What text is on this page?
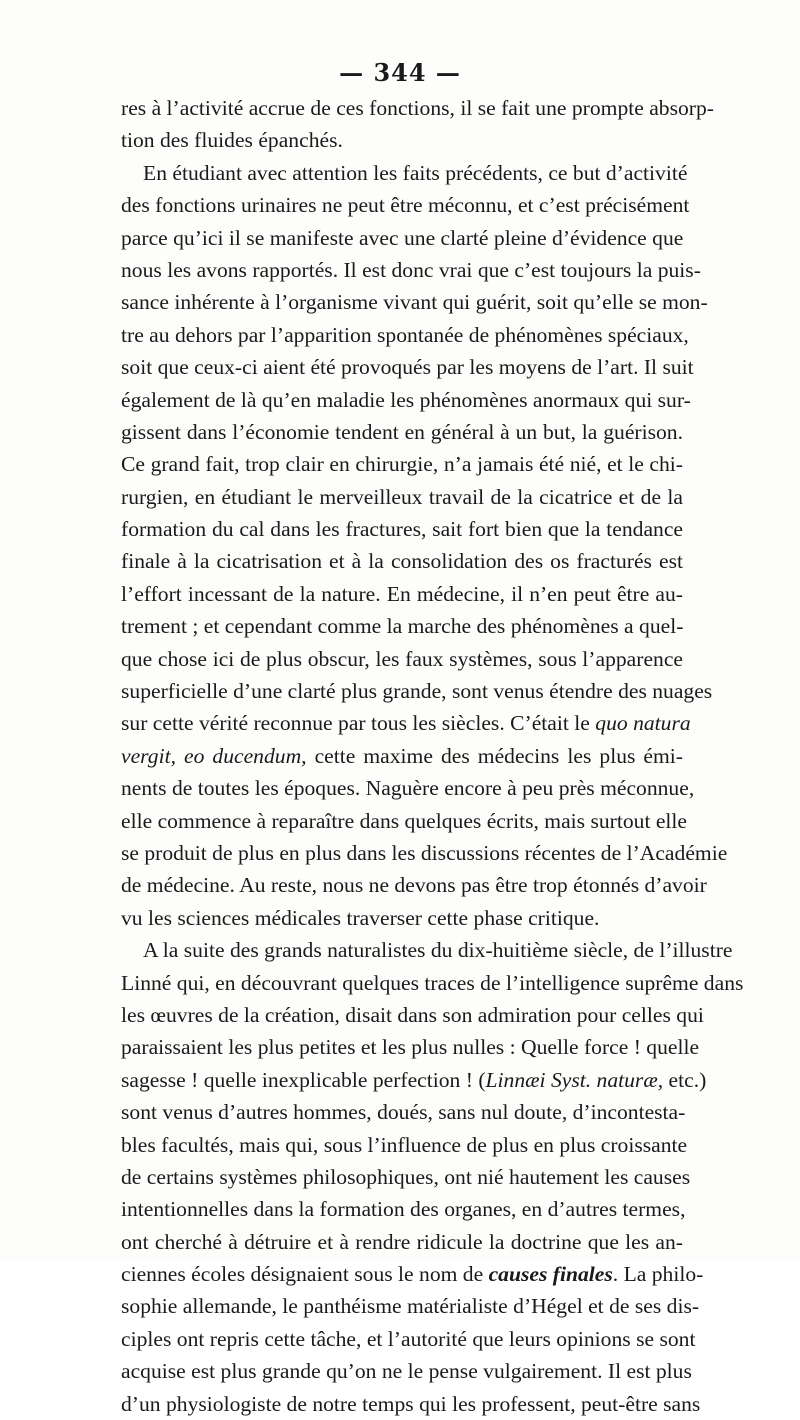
— 344 —
res à l’activité accrue de ces fonctions, il se fait une prompte absorp-
tion des fluides épanchés.
En étudiant avec attention les faits précédents, ce but d’activité
des fonctions urinaires ne peut être méconnu, et c’est précisément
parce qu’ici il se manifeste avec une clarté pleine d’évidence que
nous les avons rapportés. Il est donc vrai que c’est toujours la puis-
sance inhérente à l’organisme vivant qui guérit, soit qu’elle se mon-
tre au dehors par l’apparition spontanée de phénomènes spéciaux,
soit que ceux-ci aient été provoqués par les moyens de l’art. Il suit
également de là qu’en maladie les phénomènes anormaux qui sur-
gissent dans l’économie tendent en général à un but, la guérison.
Ce grand fait, trop clair en chirurgie, n’a jamais été nié, et le chi-
rurgien, en étudiant le merveilleux travail de la cicatrice et de la
formation du cal dans les fractures, sait fort bien que la tendance
finale à la cicatrisation et à la consolidation des os fracturés est
l’effort incessant de la nature. En médecine, il n’en peut être au-
trement ; et cependant comme la marche des phénomènes a quel-
que chose ici de plus obscur, les faux systèmes, sous l’apparence
superficielle d’une clarté plus grande, sont venus étendre des nuages
sur cette vérité reconnue par tous les siècles. C’était le quo natura
vergit, eo ducendum, cette maxime des médecins les plus émi-
nents de toutes les époques. Naguère encore à peu près méconnue,
elle commence à reparaître dans quelques écrits, mais surtout elle
se produit de plus en plus dans les discussions récentes de l’Académie
de médecine. Au reste, nous ne devons pas être trop étonnés d’avoir
vu les sciences médicales traverser cette phase critique.
A la suite des grands naturalistes du dix-huitième siècle, de l’illustre
Linné qui, en découvrant quelques traces de l’intelligence suprême dans
les œuvres de la création, disait dans son admiration pour celles qui
paraissaient les plus petites et les plus nulles : Quelle force ! quelle
sagesse ! quelle inexplicable perfection ! (Linnæi Syst. naturæ, etc.)
sont venus d’autres hommes, doués, sans nul doute, d’incontesta-
bles facultés, mais qui, sous l’influence de plus en plus croissante
de certains systèmes philosophiques, ont nié hautement les causes
intentionnelles dans la formation des organes, en d’autres termes,
ont cherché à détruire et à rendre ridicule la doctrine que les an-
ciennes écoles désignaient sous le nom de causes finales. La philo-
sophie allemande, le panthéisme matérialiste d’Hégel et de ses dis-
ciples ont repris cette tâche, et l’autorité que leurs opinions se sont
acquise est plus grande qu’on ne le pense vulgairement. Il est plus
d’un physiologiste de notre temps qui les professent, peut-être sans
